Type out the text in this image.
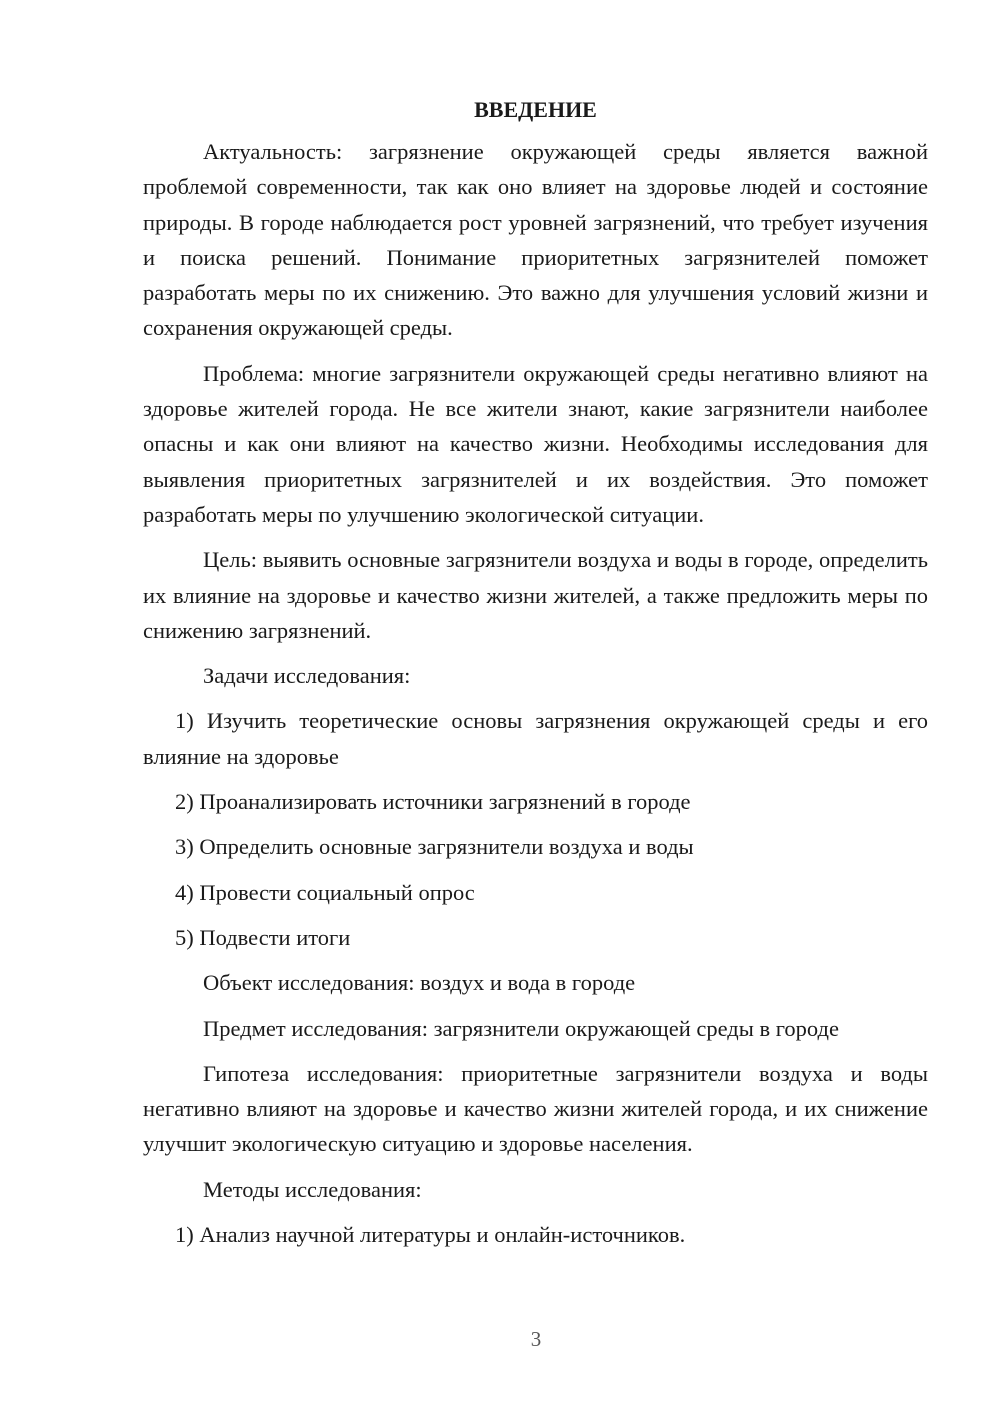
ВВЕДЕНИЕ

Актуальность: загрязнение окружающей среды является важной проблемой современности, так как оно влияет на здоровье людей и состояние природы. В городе наблюдается рост уровней загрязнений, что требует изучения и поиска решений. Понимание приоритетных загрязнителей поможет разработать меры по их снижению. Это важно для улучшения условий жизни и сохранения окружающей среды.

Проблема: многие загрязнители окружающей среды негативно влияют на здоровье жителей города. Не все жители знают, какие загрязнители наиболее опасны и как они влияют на качество жизни. Необходимы исследования для выявления приоритетных загрязнителей и их воздействия. Это поможет разработать меры по улучшению экологической ситуации.

Цель: выявить основные загрязнители воздуха и воды в городе, определить их влияние на здоровье и качество жизни жителей, а также предложить меры по снижению загрязнений.

Задачи исследования:

1) Изучить теоретические основы загрязнения окружающей среды и его влияние на здоровье

2) Проанализировать источники загрязнений в городе

3) Определить основные загрязнители воздуха и воды

4) Провести социальный опрос

5) Подвести итоги

Объект исследования: воздух и вода в городе

Предмет исследования: загрязнители окружающей среды в городе

Гипотеза исследования: приоритетные загрязнители воздуха и воды негативно влияют на здоровье и качество жизни жителей города, и их снижение улучшит экологическую ситуацию и здоровье населения.

Методы исследования:

1) Анализ научной литературы и онлайн-источников.

3
